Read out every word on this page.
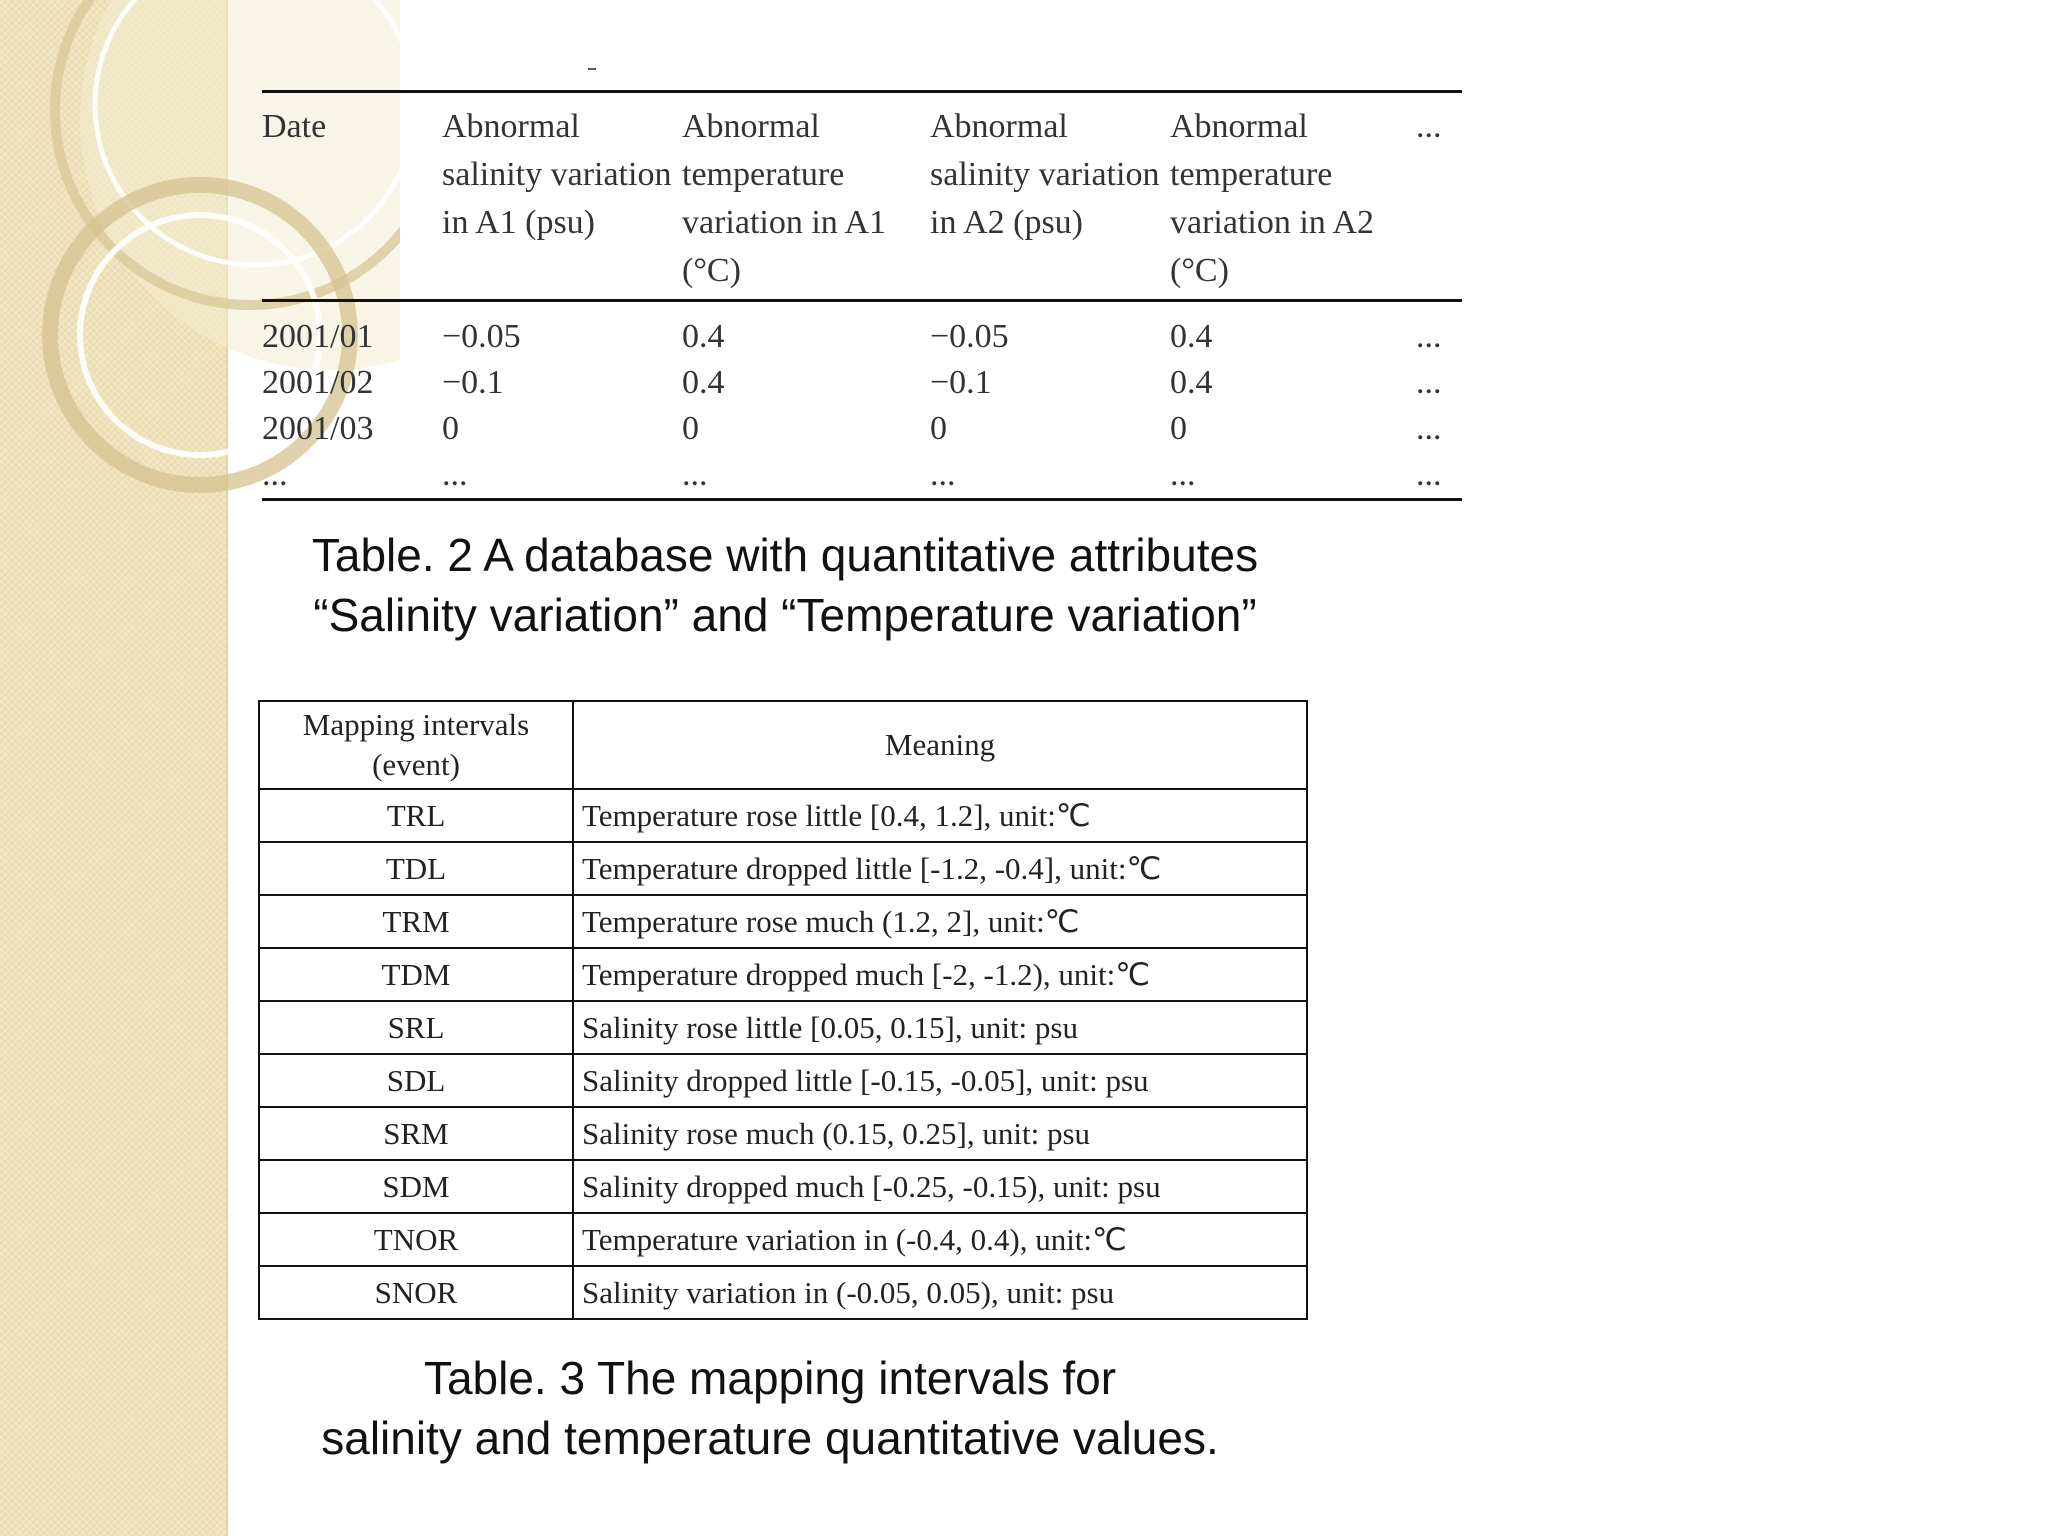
Date	Abnormal salinity variation in A1 (psu)	Abnormal temperature variation in A1 (°C)	Abnormal salinity variation in A2 (psu)	Abnormal temperature variation in A2 (°C)	...
2001/01	−0.05	0.4	−0.05	0.4	...
2001/02	−0.1	0.4	−0.1	0.4	...
2001/03	0	0	0	0	...
...	...	...	...	...	...
Table. 2 A database with quantitative attributes
“Salinity variation” and “Temperature variation”
Mapping intervals (event)	Meaning
TRL	Temperature rose little [0.4, 1.2], unit:℃
TDL	Temperature dropped little [-1.2, -0.4], unit:℃
TRM	Temperature rose much (1.2, 2], unit:℃
TDM	Temperature dropped much [-2, -1.2), unit:℃
SRL	Salinity rose little [0.05, 0.15], unit: psu
SDL	Salinity dropped little [-0.15, -0.05], unit: psu
SRM	Salinity rose much (0.15, 0.25], unit: psu
SDM	Salinity dropped much [-0.25, -0.15), unit: psu
TNOR	Temperature variation in (-0.4, 0.4), unit:℃
SNOR	Salinity variation in (-0.05, 0.05), unit: psu
Table. 3 The mapping intervals for
salinity and temperature quantitative values.
